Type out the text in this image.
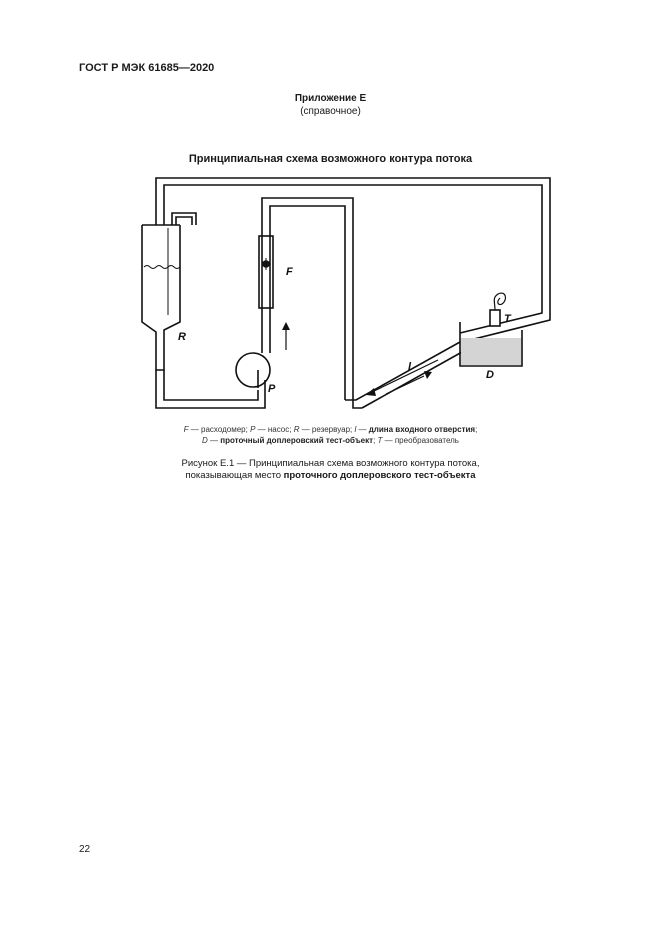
ГОСТ Р МЭК 61685—2020
Приложение Е
(справочное)
Принципиальная схема возможного контура потока
F
P
R
l
D
T
F — расходомер; P — насос; R — резервуар; l — длина входного отверстия;
D — проточный доплеровский тест-объект; T — преобразователь
Рисунок Е.1 — Принципиальная схема возможного контура потока,
показывающая место проточного доплеровского тест-объекта
22
